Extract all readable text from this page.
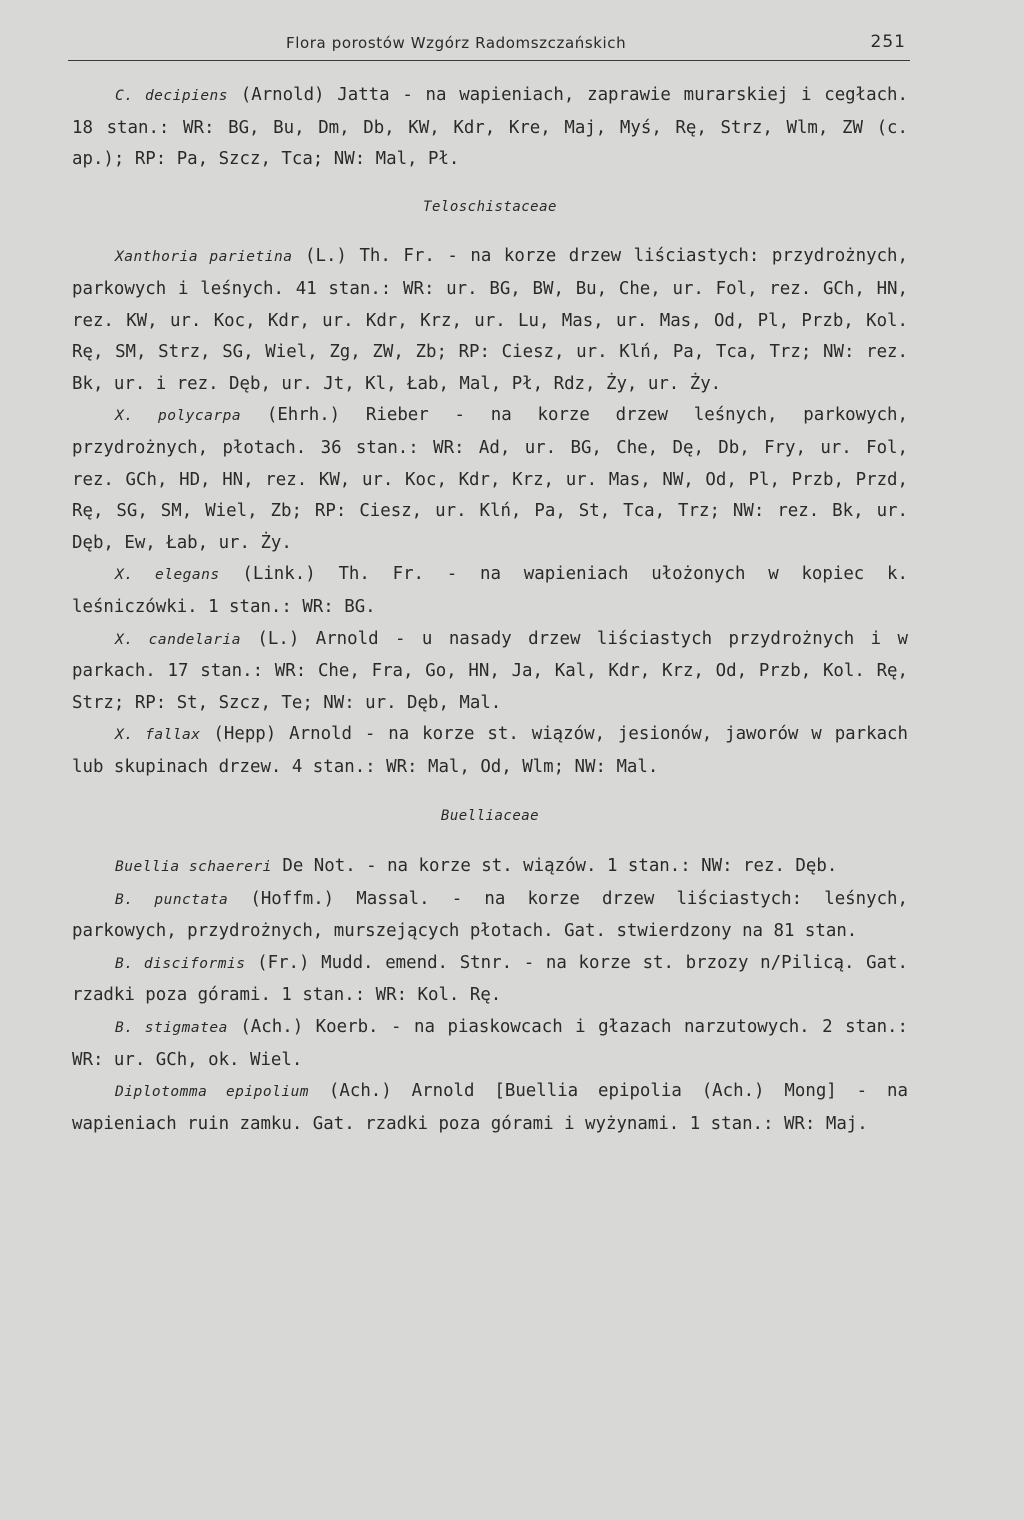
Flora porostów Wzgórz Radomszczańskich	251

C. decipiens (Arnold) Jatta - na wapieniach, zaprawie murarskiej i cegłach. 18 stan.: WR: BG, Bu, Dm, Db, KW, Kdr, Kre, Maj, Myś, Rę, Strz, Wlm, ZW (c. ap.); RP: Pa, Szcz, Tca; NW: Mal, Pł.

Teloschistaceae

Xanthoria parietina (L.) Th. Fr. - na korze drzew liściastych: przydrożnych, parkowych i leśnych. 41 stan.: WR: ur. BG, BW, Bu, Che, ur. Fol, rez. GCh, HN, rez. KW, ur. Koc, Kdr, ur. Kdr, Krz, ur. Lu, Mas, ur. Mas, Od, Pl, Przb, Kol. Rę, SM, Strz, SG, Wiel, Zg, ZW, Zb; RP: Ciesz, ur. Klń, Pa, Tca, Trz; NW: rez. Bk, ur. i rez. Dęb, ur. Jt, Kl, Łab, Mal, Pł, Rdz, Ży, ur. Ży.

X. polycarpa (Ehrh.) Rieber - na korze drzew leśnych, parkowych, przydrożnych, płotach. 36 stan.: WR: Ad, ur. BG, Che, Dę, Db, Fry, ur. Fol, rez. GCh, HD, HN, rez. KW, ur. Koc, Kdr, Krz, ur. Mas, NW, Od, Pl, Przb, Przd, Rę, SG, SM, Wiel, Zb; RP: Ciesz, ur. Klń, Pa, St, Tca, Trz; NW: rez. Bk, ur. Dęb, Ew, Łab, ur. Ży.

X. elegans (Link.) Th. Fr. - na wapieniach ułożonych w kopiec k. leśniczówki. 1 stan.: WR: BG.

X. candelaria (L.) Arnold - u nasady drzew liściastych przydrożnych i w parkach. 17 stan.: WR: Che, Fra, Go, HN, Ja, Kal, Kdr, Krz, Od, Przb, Kol. Rę, Strz; RP: St, Szcz, Te; NW: ur. Dęb, Mal.

X. fallax (Hepp) Arnold - na korze st. wiązów, jesionów, jaworów w parkach lub skupinach drzew. 4 stan.: WR: Mal, Od, Wlm; NW: Mal.

Buelliaceae

Buellia schaereri De Not. - na korze st. wiązów. 1 stan.: NW: rez. Dęb.

B. punctata (Hoffm.) Massal. - na korze drzew liściastych: leśnych, parkowych, przydrożnych, murszejących płotach. Gat. stwierdzony na 81 stan.

B. disciformis (Fr.) Mudd. emend. Stnr. - na korze st. brzozy n/Pilicą. Gat. rzadki poza górami. 1 stan.: WR: Kol. Rę.

B. stigmatea (Ach.) Koerb. - na piaskowcach i głazach narzutowych. 2 stan.: WR: ur. GCh, ok. Wiel.

Diplotomma epipolium (Ach.) Arnold [Buellia epipolia (Ach.) Mong] - na wapieniach ruin zamku. Gat. rzadki poza górami i wyżynami. 1 stan.: WR: Maj.
